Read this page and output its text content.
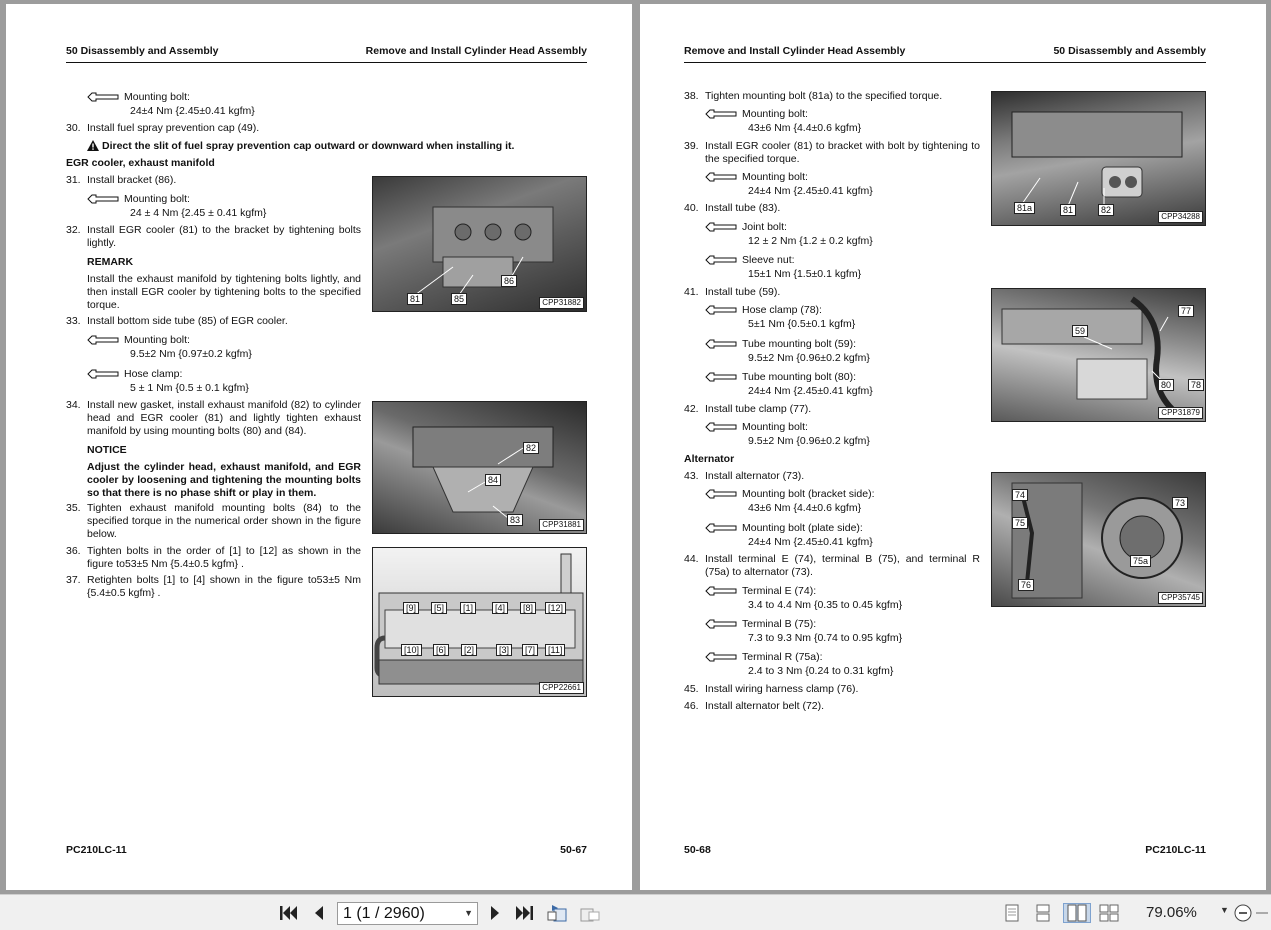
50 Disassembly and Assembly	Remove and Install Cylinder Head Assembly
Mounting bolt:
24±4 Nm {2.45±0.41 kgfm}
30. Install fuel spray prevention cap (49).
Direct the slit of fuel spray prevention cap outward or downward when installing it.
EGR cooler, exhaust manifold
31. Install bracket (86).
Mounting bolt:
24 ± 4 Nm {2.45 ± 0.41 kgfm}
32. Install EGR cooler (81) to the bracket by tightening bolts lightly.
REMARK
Install the exhaust manifold by tightening bolts lightly, and then install EGR cooler by tightening bolts to the specified torque.
33. Install bottom side tube (85) of EGR cooler.
Mounting bolt:
9.5±2 Nm {0.97±0.2 kgfm}
Hose clamp:
5 ± 1 Nm {0.5 ± 0.1 kgfm}
34. Install new gasket, install exhaust manifold (82) to cylinder head and EGR cooler (81) and lightly tighten exhaust manifold by using mounting bolts (80) and (84).
NOTICE
Adjust the cylinder head, exhaust manifold, and EGR cooler by loosening and tightening the mounting bolts so that there is no phase shift or play in them.
35. Tighten exhaust manifold mounting bolts (84) to the specified torque in the numerical order shown in the figure below.
36. Tighten bolts in the order of [1] to [12] as shown in the figure to53±5 Nm {5.4±0.5 kgfm} .
37. Retighten bolts [1] to [4] shown in the figure to53±5 Nm {5.4±0.5 kgfm} .
81	85
86
CPP31882
82
84
83	CPP31881
[9]	[5]	[1]	[4]	[8]	[12]
[10]	[6]	[2]	[3]	[7]	[11]
CPP22661
PC210LC-11	50-67
Remove and Install Cylinder Head Assembly	50 Disassembly and Assembly
38. Tighten mounting bolt (81a) to the specified torque.
Mounting bolt:
43±6 Nm {4.4±0.6 kgfm}
39. Install EGR cooler (81) to bracket with bolt by tightening to the specified torque.
Mounting bolt:
24±4 Nm {2.45±0.41 kgfm}
40. Install tube (83).
Joint bolt:
12 ± 2 Nm {1.2 ± 0.2 kgfm}
Sleeve nut:
15±1 Nm {1.5±0.1 kgfm}
41. Install tube (59).
Hose clamp (78):
5±1 Nm {0.5±0.1 kgfm}
Tube mounting bolt (59):
9.5±2 Nm {0.96±0.2 kgfm}
Tube mounting bolt (80):
24±4 Nm {2.45±0.41 kgfm}
42. Install tube clamp (77).
Mounting bolt:
9.5±2 Nm {0.96±0.2 kgfm}
Alternator
43. Install alternator (73).
Mounting bolt (bracket side):
43±6 Nm {4.4±0.6 kgfm}
Mounting bolt (plate side):
24±4 Nm {2.45±0.41 kgfm}
44. Install terminal E (74), terminal B (75), and terminal R (75a) to alternator (73).
Terminal E (74):
3.4 to 4.4 Nm {0.35 to 0.45 kgfm}
Terminal B (75):
7.3 to 9.3 Nm {0.74 to 0.95 kgfm}
Terminal R (75a):
2.4 to 3 Nm {0.24 to 0.31 kgfm}
45. Install wiring harness clamp (76).
46. Install alternator belt (72).
81a	81	82
CPP34288
77
59
80	78
CPP31879
74
73
75
75a
76
CPP35745
50-68	PC210LC-11
1 (1 / 2960)	▼	79.06%	▼
